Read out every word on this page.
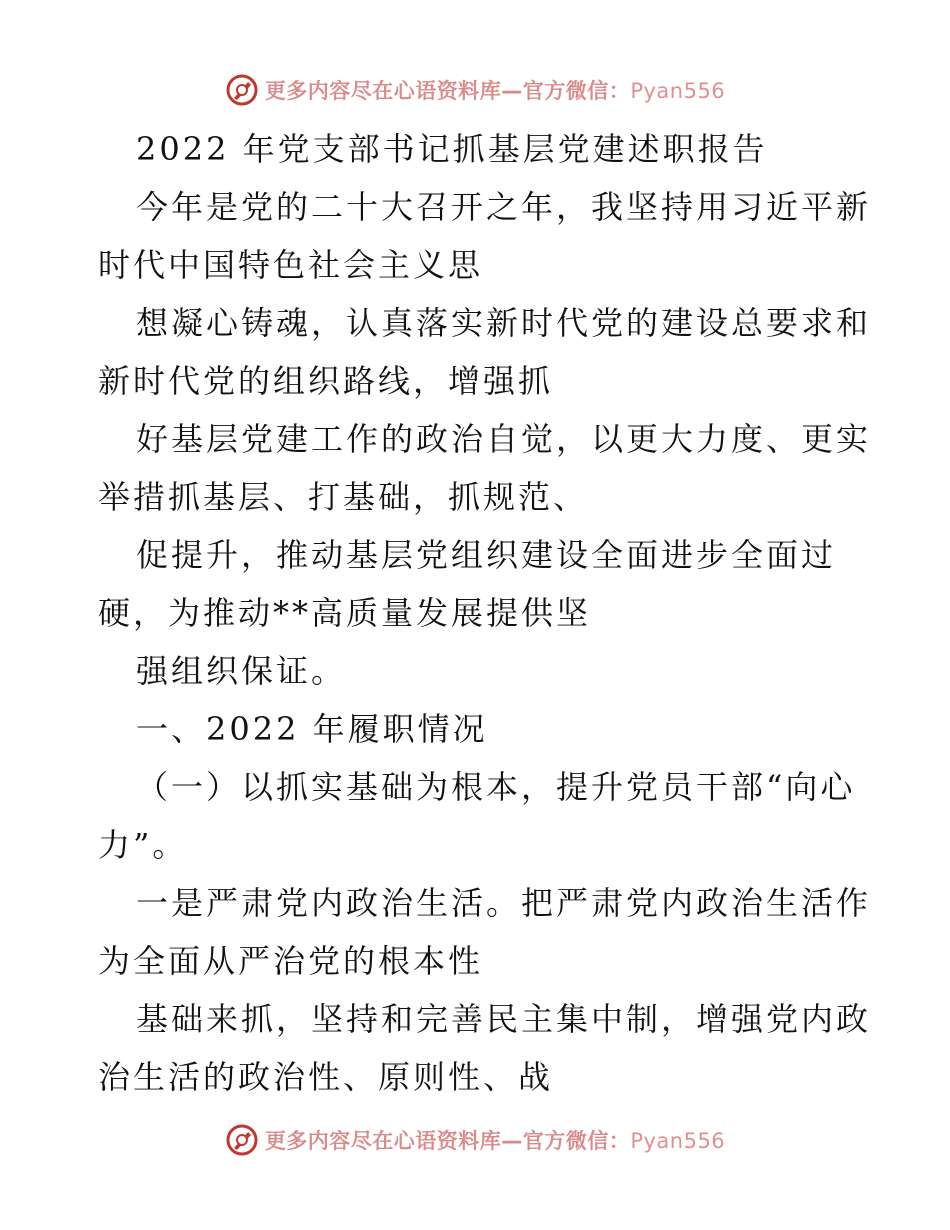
更多内容尽在心语资料库—官方微信：Pyan556
2022 年党支部书记抓基层党建述职报告
今年是党的二十大召开之年，我坚持用习近平新
时代中国特色社会主义思
想凝心铸魂，认真落实新时代党的建设总要求和
新时代党的组织路线，增强抓
好基层党建工作的政治自觉，以更大力度、更实
举措抓基层、打基础，抓规范、
促提升，推动基层党组织建设全面进步全面过
硬，为推动**高质量发展提供坚
强组织保证。
一、2022 年履职情况
（一）以抓实基础为根本，提升党员干部“向心
力”。
一是严肃党内政治生活。把严肃党内政治生活作
为全面从严治党的根本性
基础来抓，坚持和完善民主集中制，增强党内政
治生活的政治性、原则性、战
更多内容尽在心语资料库—官方微信：Pyan556
